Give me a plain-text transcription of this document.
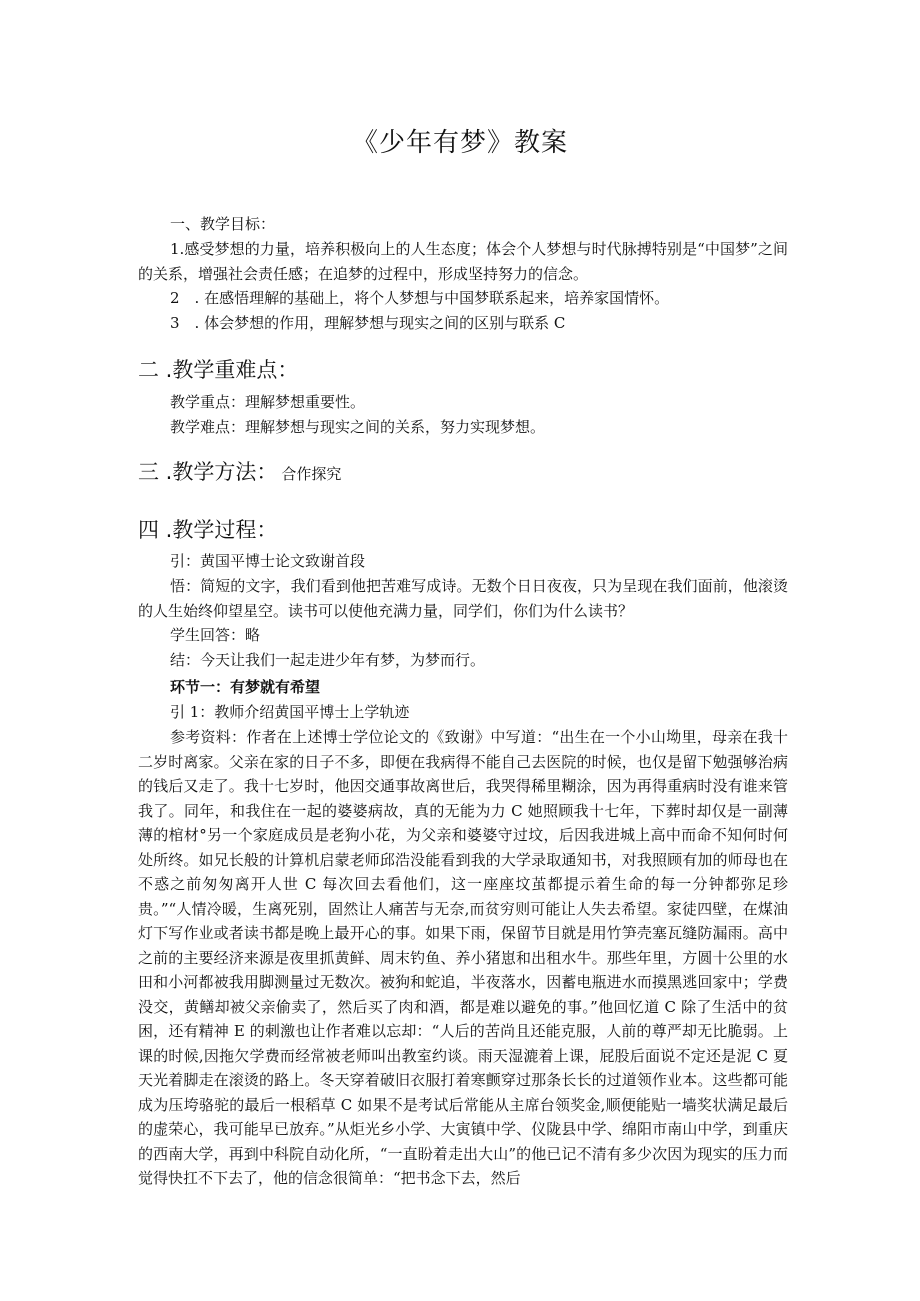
《少年有梦》教案
一、教学目标：
1.感受梦想的力量，培养积极向上的人生态度；体会个人梦想与时代脉搏特别是“中国梦”之间的关系，增强社会责任感；在追梦的过程中，形成坚持努力的信念。
2　. 在感悟理解的基础上，将个人梦想与中国梦联系起来，培养家国情怀。
3　. 体会梦想的作用，理解梦想与现实之间的区别与联系 C
二 .教学重难点：
教学重点：理解梦想重要性。
教学难点：理解梦想与现实之间的关系，努力实现梦想。
三 .教学方法： 合作探究
四 .教学过程：
引：黄国平博士论文致谢首段
悟：简短的文字，我们看到他把苦难写成诗。无数个日日夜夜，只为呈现在我们面前，他滚烫的人生始终仰望星空。读书可以使他充满力量，同学们，你们为什么读书？
学生回答：略
结：今天让我们一起走进少年有梦，为梦而行。
环节一：有梦就有希望
引 1：教师介绍黄国平博士上学轨迹
参考资料：作者在上述博士学位论文的《致谢》中写道：“出生在一个小山坳里，母亲在我十二岁时离家。父亲在家的日子不多，即便在我病得不能自己去医院的时候，也仅是留下勉强够治病的钱后又走了。我十七岁时，他因交通事故离世后，我哭得稀里糊涂，因为再得重病时没有谁来管我了。同年，和我住在一起的婆婆病故，真的无能为力 C 她照顾我十七年，下葬时却仅是一副薄薄的棺材°另一个家庭成员是老狗小花，为父亲和婆婆守过坟，后因我进城上高中而命不知何时何处所终。如兄长般的计算机启蒙老师邱浩没能看到我的大学录取通知书，对我照顾有加的师母也在不惑之前匆匆离开人世 C 每次回去看他们，这一座座坟茧都提示着生命的每一分钟都弥足珍贵。”“人情冷暖，生离死别，固然让人痛苦与无奈,而贫穷则可能让人失去希望。家徒四壁，在煤油灯下写作业或者读书都是晚上最开心的事。如果下雨，保留节目就是用竹笋壳塞瓦缝防漏雨。高中之前的主要经济来源是夜里抓黄鲜、周末钓鱼、养小猪崽和出租水牛。那些年里，方圆十公里的水田和小河都被我用脚测量过无数次。被狗和蛇追，半夜落水，因蓄电瓶进水而摸黑逃回家中；学费没交，黄鳝却被父亲偷卖了，然后买了肉和酒，都是难以避免的事。”他回忆道 C 除了生活中的贫困，还有精神 E 的刺激也让作者难以忘却：“人后的苦尚且还能克服，人前的尊严却无比脆弱。上课的时候,因拖欠学费而经常被老师叫出教室约谈。雨天湿漉着上课，屁股后面说不定还是泥 C 夏天光着脚走在滚烫的路上。冬天穿着破旧衣服打着寒颤穿过那条长长的过道领作业本。这些都可能成为压垮骆驼的最后一根稻草 C 如果不是考试后常能从主席台领奖金,顺便能贴一墙奖状满足最后的虚荣心，我可能早已放弃。”从炬光乡小学、大寅镇中学、仪陇县中学、绵阳市南山中学，到重庆的西南大学，再到中科院自动化所，“一直盼着走出大山”的他已记不清有多少次因为现实的压力而觉得快扛不下去了，他的信念很简单：“把书念下去，然后
